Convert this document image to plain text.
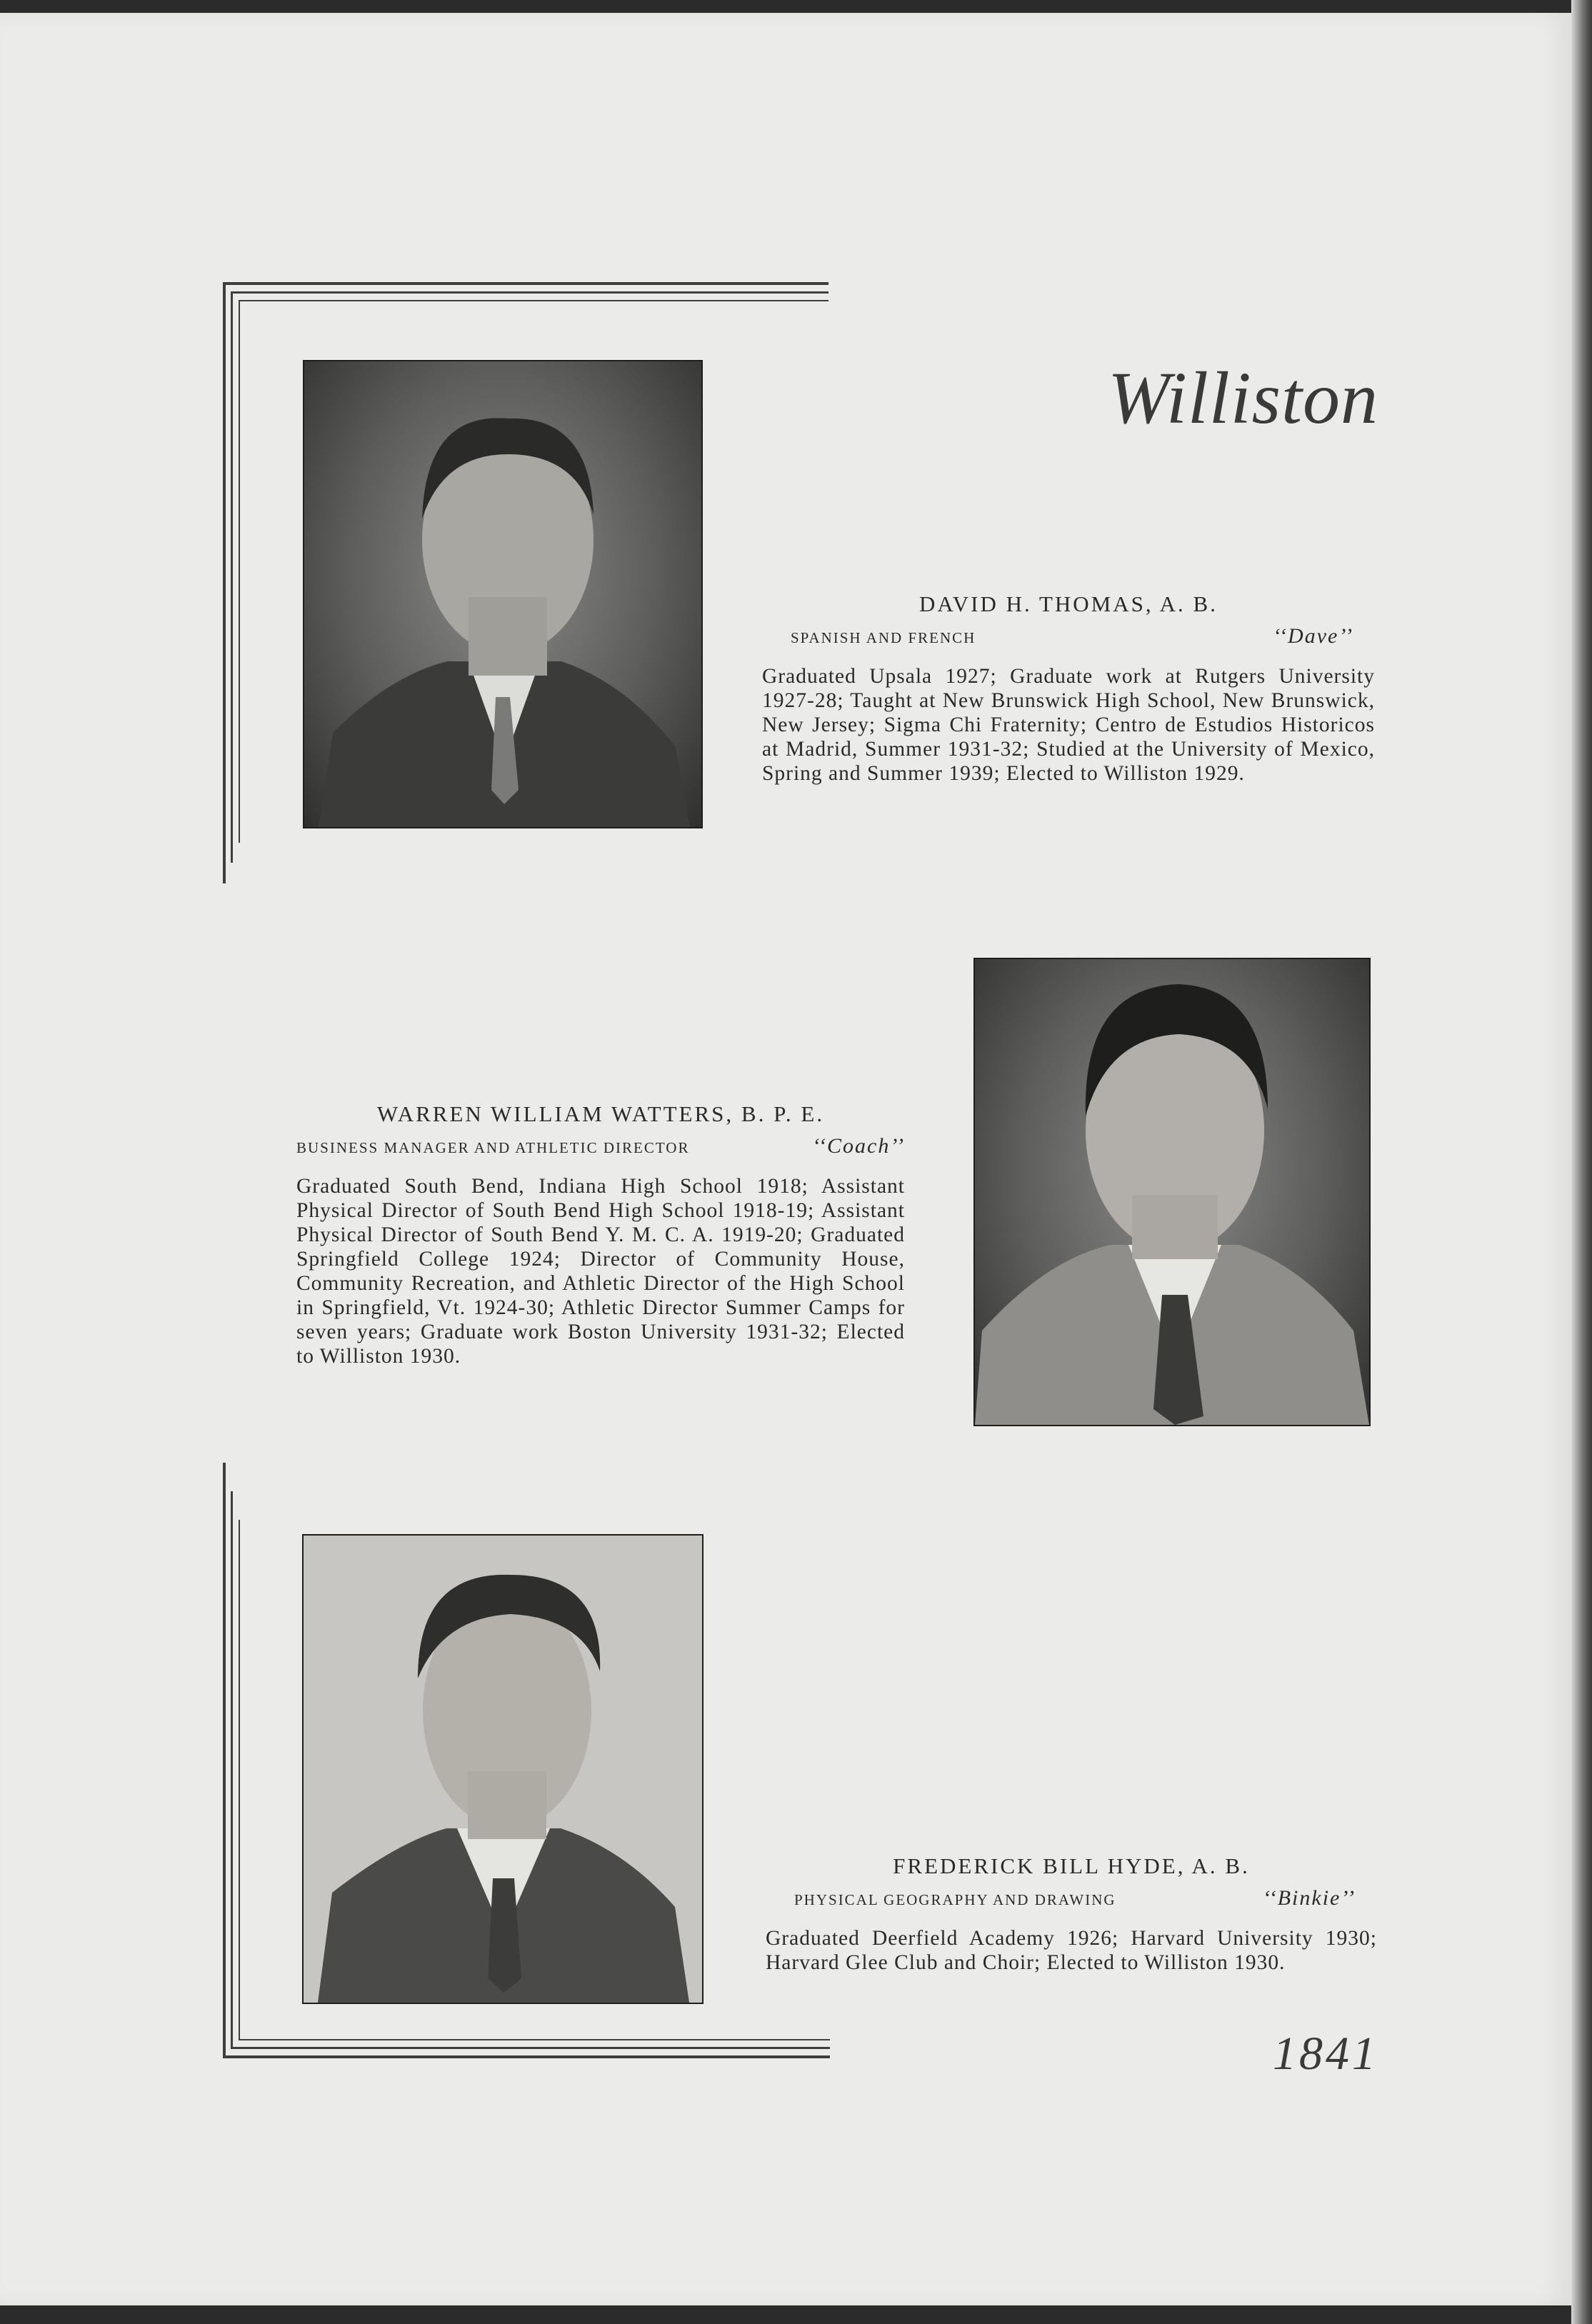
Williston
DAVID H. THOMAS, A. B.
SPANISH AND FRENCH	‘‘Dave’’
Graduated Upsala 1927; Graduate work at Rutgers University 1927-28; Taught at New Brunswick High School, New Brunswick, New Jersey; Sigma Chi Fraternity; Centro de Estudios Historicos at Madrid, Summer 1931-32; Studied at the University of Mexico, Spring and Summer 1939; Elected to Williston 1929.
WARREN WILLIAM WATTERS, B. P. E.
BUSINESS MANAGER AND ATHLETIC DIRECTOR	‘‘Coach’’
Graduated South Bend, Indiana High School 1918; Assistant Physical Director of South Bend High School 1918-19; Assistant Physical Director of South Bend Y. M. C. A. 1919-20; Graduated Springfield College 1924; Director of Community House, Community Recreation, and Athletic Director of the High School in Springfield, Vt. 1924-30; Athletic Director Summer Camps for seven years; Graduate work Boston University 1931-32; Elected to Williston 1930.
FREDERICK BILL HYDE, A. B.
PHYSICAL GEOGRAPHY AND DRAWING	‘‘Binkie’’
Graduated Deerfield Academy 1926; Harvard University 1930; Harvard Glee Club and Choir; Elected to Williston 1930.
1841
